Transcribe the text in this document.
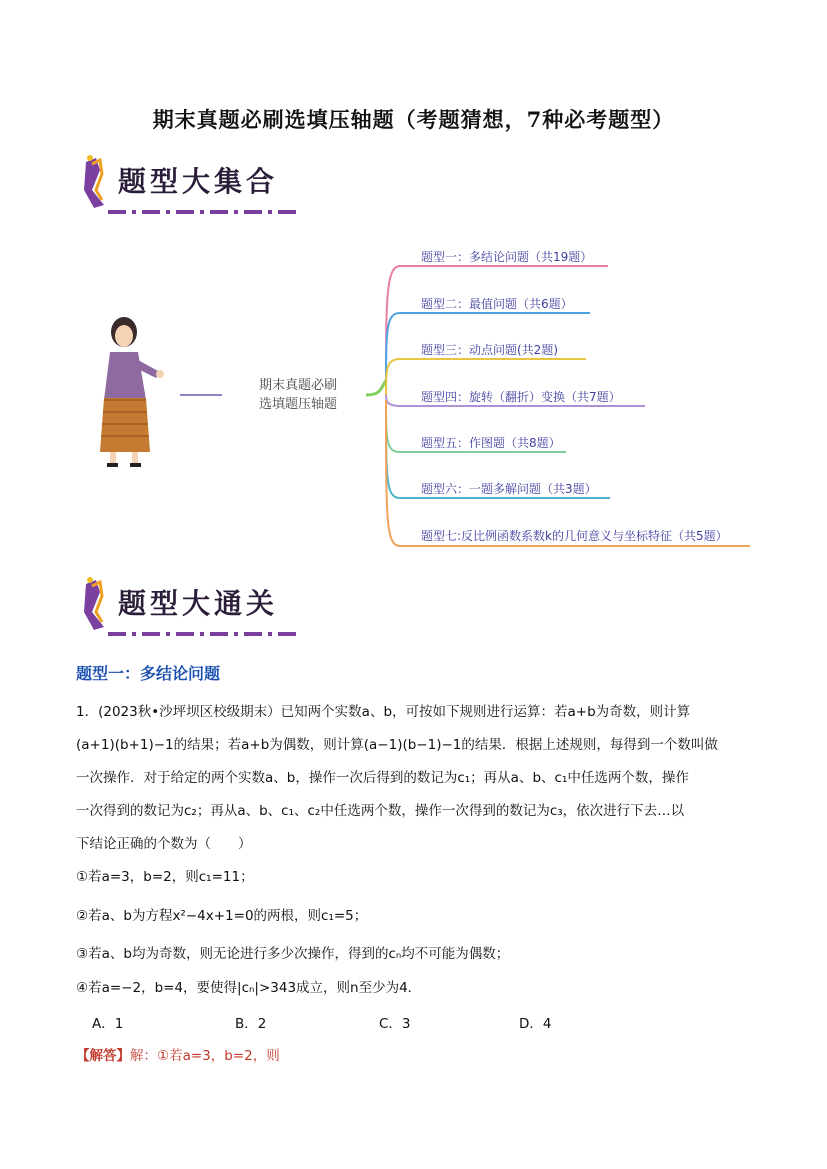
期末真题必刷选填压轴题（考题猜想，7种必考题型）
题型大集合
期末真题必刷
选填题压轴题
题型一：多结论问题（共19题）
题型二：最值问题（共6题）
题型三：动点问题(共2题)
题型四：旋转（翻折）变换（共7题）
题型五：作图题（共8题）
题型六：一题多解问题（共3题）
题型七:反比例函数系数k的几何意义与坐标特征（共5题）
题型大通关
题型一：多结论问题
1．(2023秋•沙坪坝区校级期末）已知两个实数a、b，可按如下规则进行运算：若a+b为奇数，则计算
(a+1)(b+1)−1的结果；若a+b为偶数，则计算(a−1)(b−1)−1的结果．根据上述规则，每得到一个数叫做
一次操作．对于给定的两个实数a、b，操作一次后得到的数记为c₁；再从a、b、c₁中任选两个数，操作
一次得到的数记为c₂；再从a、b、c₁、c₂中任选两个数，操作一次得到的数记为c₃，依次进行下去…以
下结论正确的个数为（　　）
①若a=3，b=2，则c₁=11；
②若a、b为方程x²−4x+1=0的两根，则c₁=5；
③若a、b均为奇数，则无论进行多少次操作，得到的cₙ均不可能为偶数；
④若a=−2，b=4，要使得|cₙ|>343成立，则n至少为4．
A．1	B．2	C．3	D．4
【解答】解：①若a=3，b=2，则
